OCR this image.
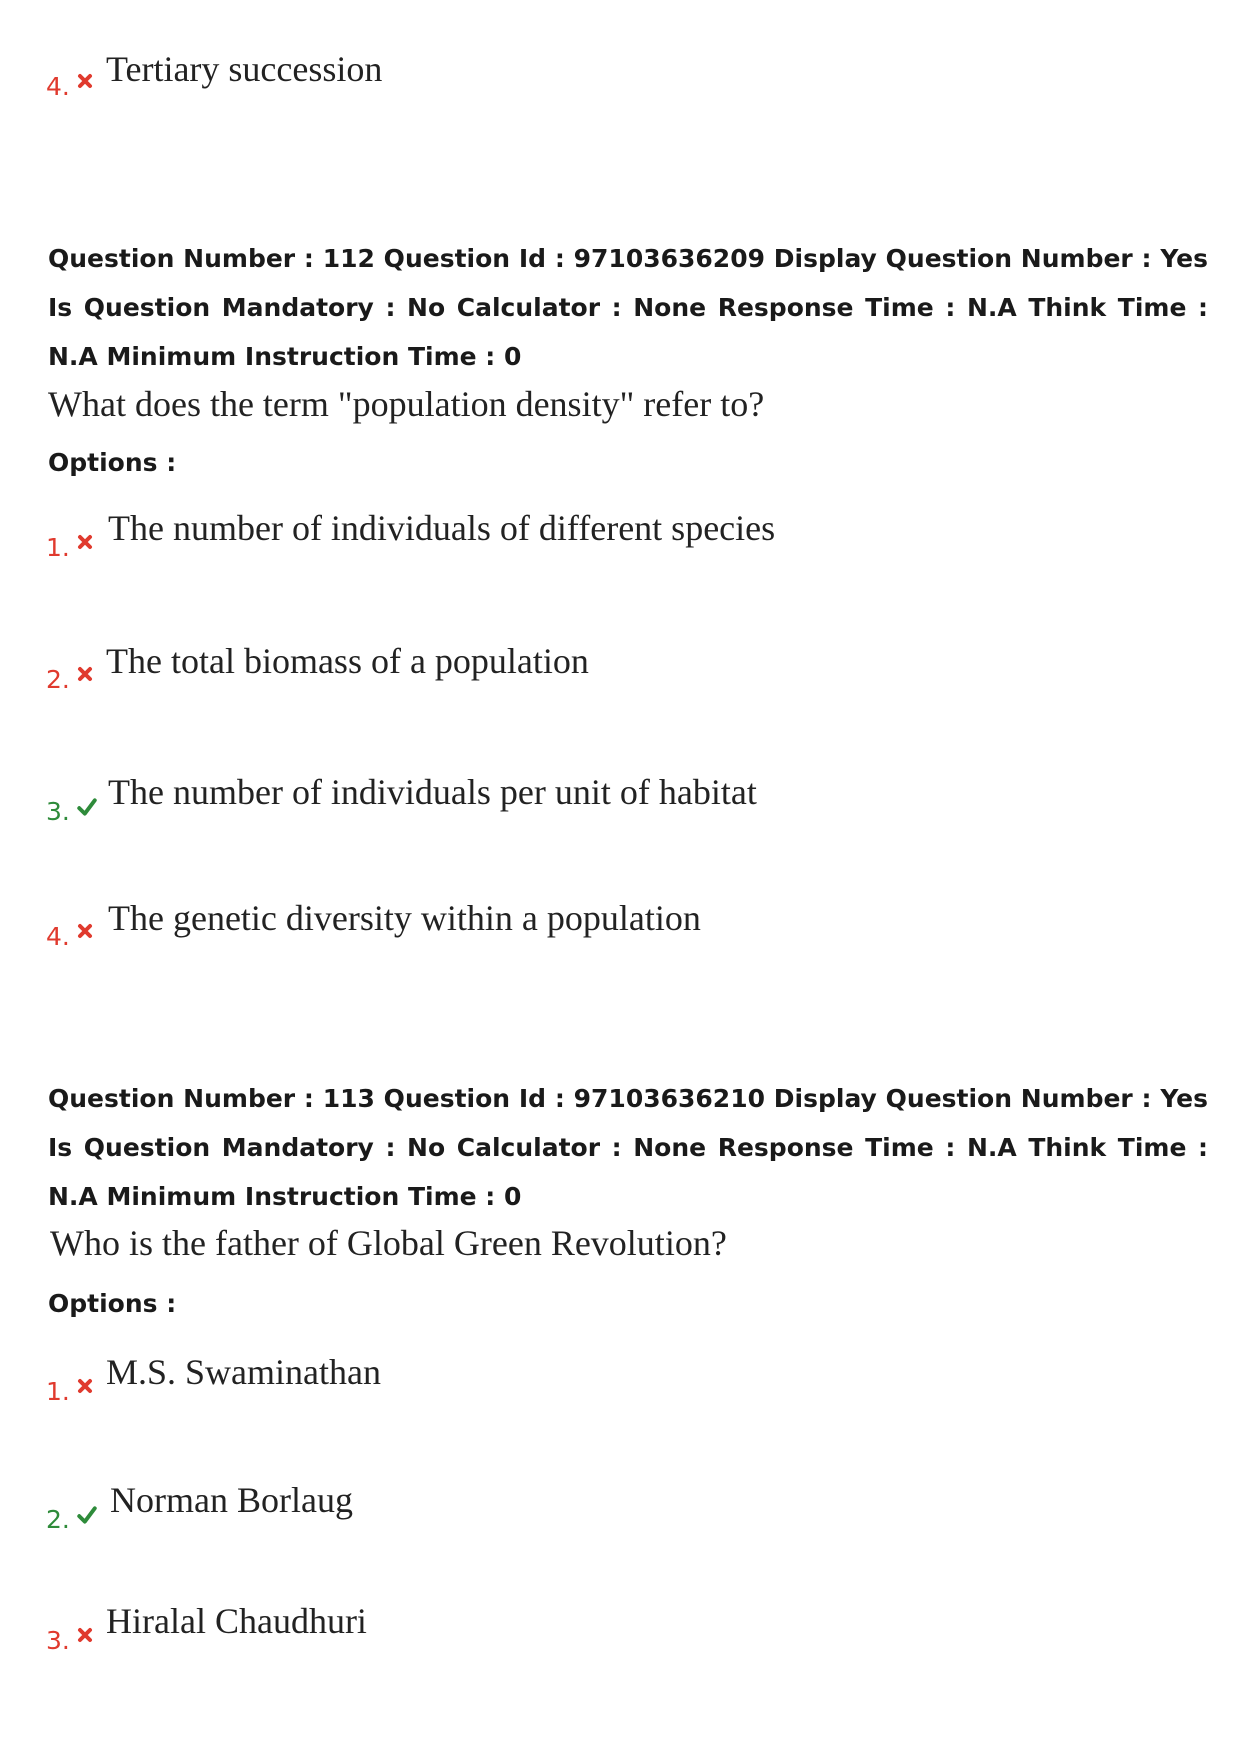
4. Tertiary succession
Question Number : 112 Question Id : 97103636209 Display Question Number : Yes Is Question Mandatory : No Calculator : None Response Time : N.A Think Time : N.A Minimum Instruction Time : 0
What does the term "population density" refer to?
Options :
1. The number of individuals of different species
2. The total biomass of a population
3. The number of individuals per unit of habitat
4. The genetic diversity within a population
Question Number : 113 Question Id : 97103636210 Display Question Number : Yes Is Question Mandatory : No Calculator : None Response Time : N.A Think Time : N.A Minimum Instruction Time : 0
Who is the father of Global Green Revolution?
Options :
1. M.S. Swaminathan
2. Norman Borlaug
3. Hiralal Chaudhuri
